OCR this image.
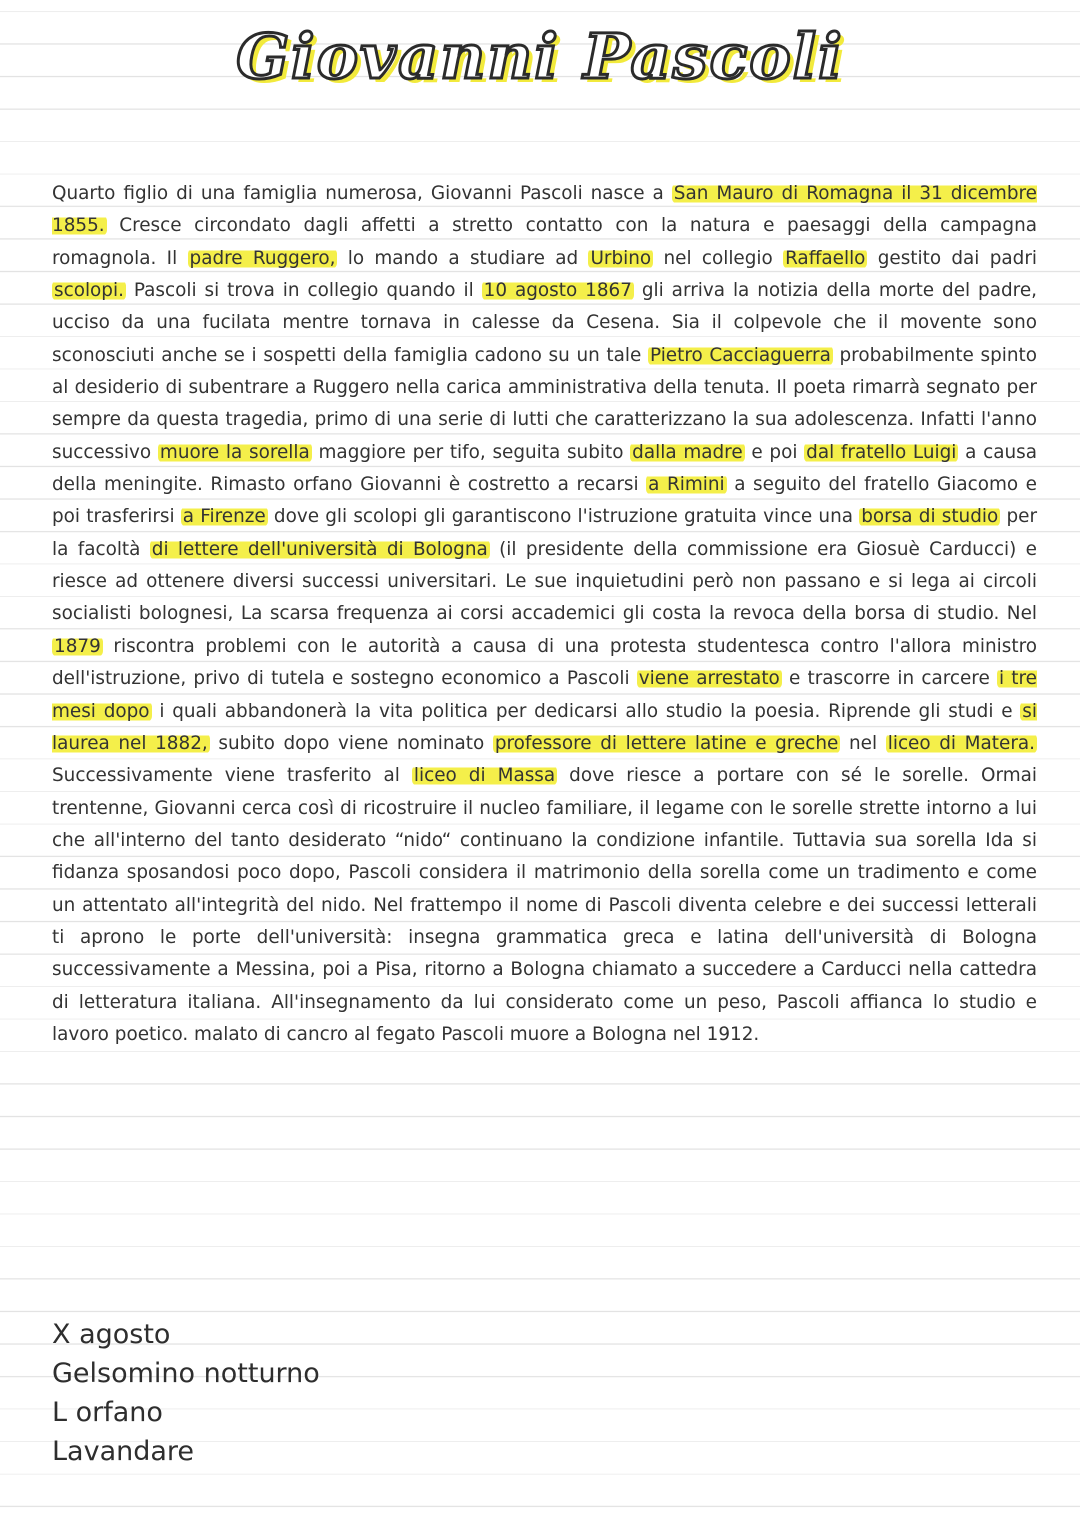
Giovanni Pascoli

Quarto figlio di una famiglia numerosa, Giovanni Pascoli nasce a San Mauro di Romagna il 31 dicembre 1855. Cresce circondato dagli affetti a stretto contatto con la natura e paesaggi della campagna romagnola. Il padre Ruggero, lo mando a studiare ad Urbino nel collegio Raffaello gestito dai padri scolopi. Pascoli si trova in collegio quando il 10 agosto 1867 gli arriva la notizia della morte del padre, ucciso da una fucilata mentre tornava in calesse da Cesena. Sia il colpevole che il movente sono sconosciuti anche se i sospetti della famiglia cadono su un tale Pietro Cacciaguerra probabilmente spinto al desiderio di subentrare a Ruggero nella carica amministrativa della tenuta. Il poeta rimarrà segnato per sempre da questa tragedia, primo di una serie di lutti che caratterizzano la sua adolescenza. Infatti l'anno successivo muore la sorella maggiore per tifo, seguita subito dalla madre e poi dal fratello Luigi a causa della meningite. Rimasto orfano Giovanni è costretto a recarsi a Rimini a seguito del fratello Giacomo e poi trasferirsi a Firenze dove gli scolopi gli garantiscono l'istruzione gratuita vince una borsa di studio per la facoltà di lettere dell'università di Bologna (il presidente della commissione era Giosuè Carducci) e riesce ad ottenere diversi successi universitari. Le sue inquietudini però non passano e si lega ai circoli socialisti bolognesi, La scarsa frequenza ai corsi accademici gli costa la revoca della borsa di studio. Nel 1879 riscontra problemi con le autorità a causa di una protesta studentesca contro l'allora ministro dell'istruzione, privo di tutela e sostegno economico a Pascoli viene arrestato e trascorre in carcere i tre mesi dopo i quali abbandonerà la vita politica per dedicarsi allo studio la poesia. Riprende gli studi e si laurea nel 1882, subito dopo viene nominato professore di lettere latine e greche nel liceo di Matera. Successivamente viene trasferito al liceo di Massa dove riesce a portare con sé le sorelle. Ormai trentenne, Giovanni cerca così di ricostruire il nucleo familiare, il legame con le sorelle strette intorno a lui che all'interno del tanto desiderato “nido“ continuano la condizione infantile. Tuttavia sua sorella Ida si fidanza sposandosi poco dopo, Pascoli considera il matrimonio della sorella come un tradimento e come un attentato all'integrità del nido. Nel frattempo il nome di Pascoli diventa celebre e dei successi letterali ti aprono le porte dell'università: insegna grammatica greca e latina dell'università di Bologna successivamente a Messina, poi a Pisa, ritorno a Bologna chiamato a succedere a Carducci nella cattedra di letteratura italiana. All'insegnamento da lui considerato come un peso, Pascoli affianca lo studio e lavoro poetico. malato di cancro al fegato Pascoli muore a Bologna nel 1912.

X agosto
Gelsomino notturno
L orfano
Lavandare
